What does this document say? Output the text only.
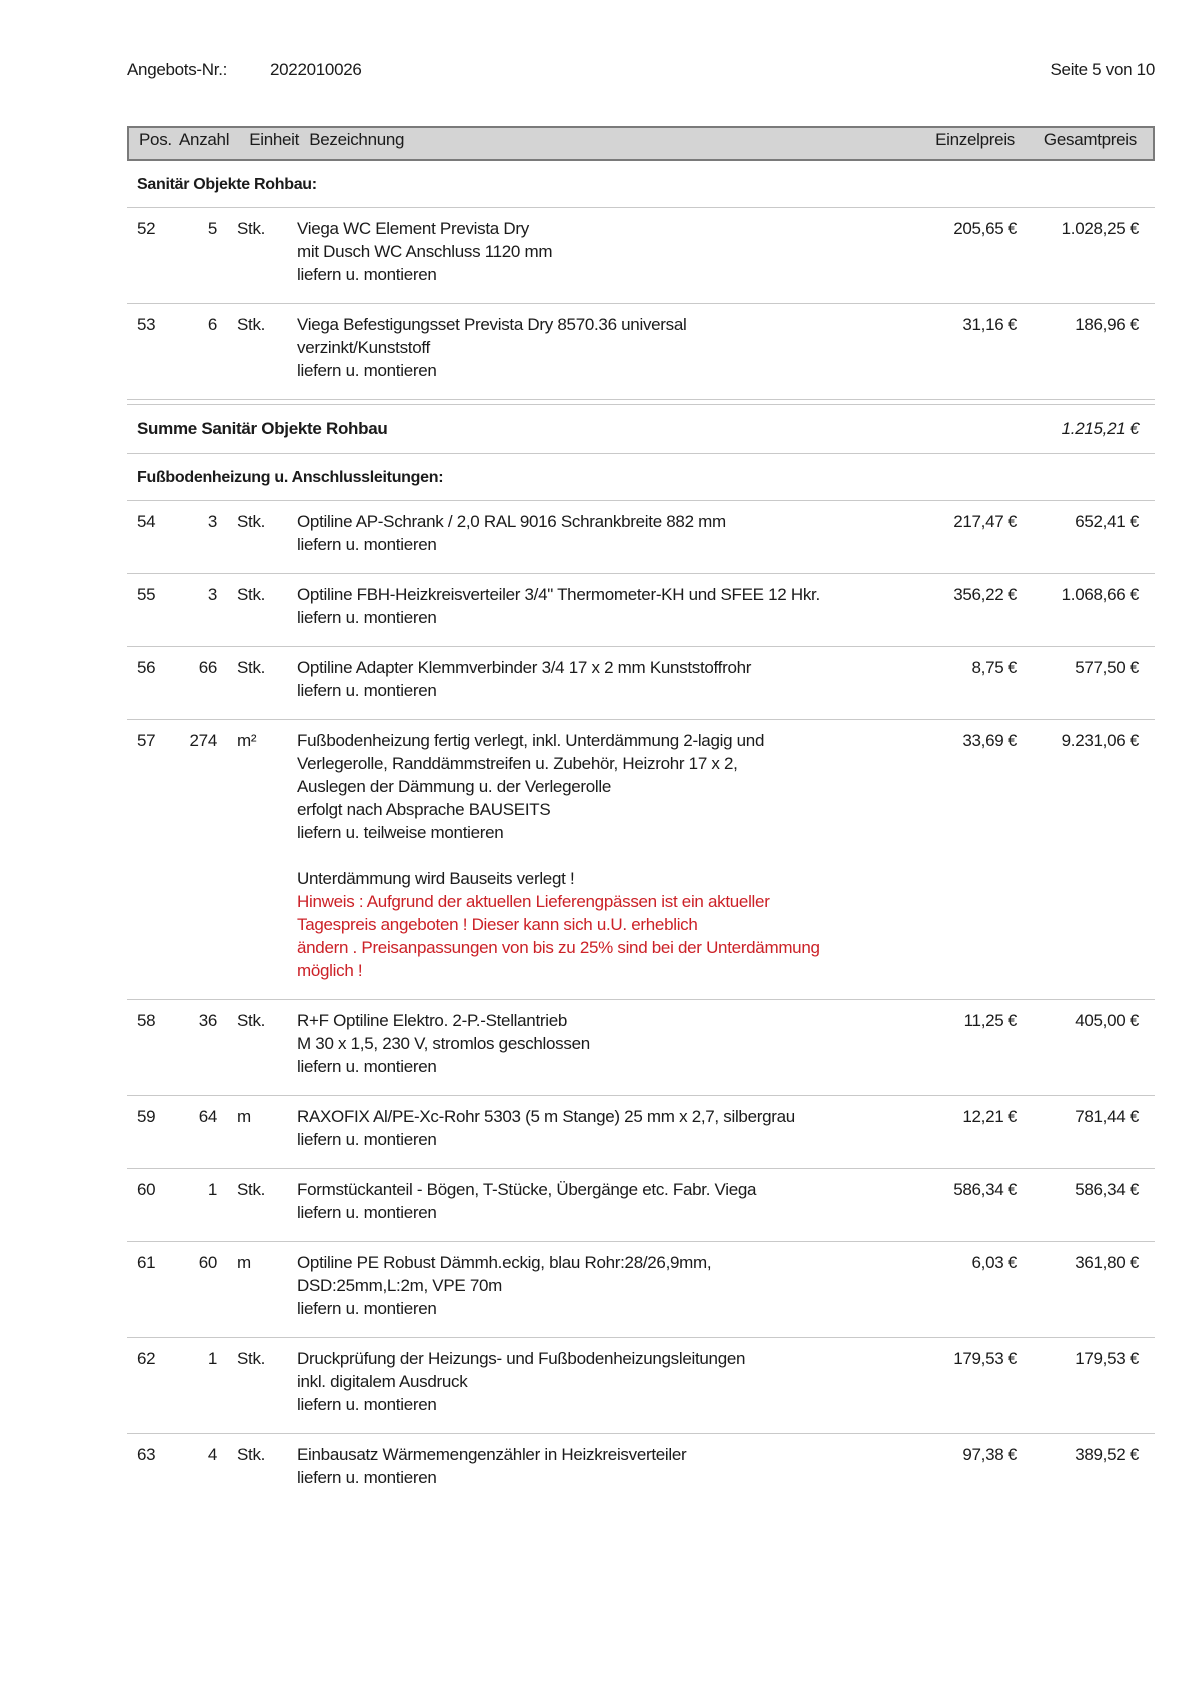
Angebots-Nr.:	2022010026	Seite 5 von 10
Pos. Anzahl Einheit Bezeichnung	Einzelpreis	Gesamtpreis
Sanitär Objekte Rohbau:
52	5 Stk.	Viega WC Element Prevista Dry
mit Dusch WC Anschluss 1120 mm
liefern u. montieren
205,65 €	1.028,25 €
53	6 Stk.	Viega Befestigungsset Prevista Dry 8570.36 universal
verzinkt/Kunststoff
liefern u. montieren
31,16 €	186,96 €
Summe Sanitär Objekte Rohbau	1.215,21 €
Fußbodenheizung u. Anschlussleitungen:
54	3 Stk.	Optiline AP-Schrank / 2,0 RAL 9016 Schrankbreite 882 mm
liefern u. montieren
217,47 €	652,41 €
55	3 Stk.	Optiline FBH-Heizkreisverteiler 3/4" Thermometer-KH und SFEE 12 Hkr.
liefern u. montieren
356,22 €	1.068,66 €
56	66 Stk.	Optiline Adapter Klemmverbinder 3/4 17 x 2 mm Kunststoffrohr
liefern u. montieren
8,75 €	577,50 €
57	274 m²	Fußbodenheizung fertig verlegt, inkl. Unterdämmung 2-lagig und
Verlegerolle, Randdämmstreifen u. Zubehör, Heizrohr 17 x 2,
Auslegen der Dämmung u. der Verlegerolle
erfolgt nach Absprache BAUSEITS
liefern u. teilweise montieren
Unterdämmung wird Bauseits verlegt !
Hinweis : Aufgrund der aktuellen Lieferengpässen ist ein aktueller
Tagespreis angeboten ! Dieser kann sich u.U. erheblich
ändern . Preisanpassungen von bis zu 25% sind bei der Unterdämmung
möglich !
33,69 €	9.231,06 €
58	36 Stk.	R+F Optiline Elektro. 2-P.-Stellantrieb
M 30 x 1,5, 230 V, stromlos geschlossen
liefern u. montieren
11,25 €	405,00 €
59	64 m	RAXOFIX Al/PE-Xc-Rohr 5303 (5 m Stange) 25 mm x 2,7, silbergrau
liefern u. montieren
12,21 €	781,44 €
60	1 Stk.	Formstückanteil - Bögen, T-Stücke, Übergänge etc. Fabr. Viega
liefern u. montieren
586,34 €	586,34 €
61	60 m	Optiline PE Robust Dämmh.eckig, blau Rohr:28/26,9mm,
DSD:25mm,L:2m, VPE 70m
liefern u. montieren
6,03 €	361,80 €
62	1 Stk.	Druckprüfung der Heizungs- und Fußbodenheizungsleitungen
inkl. digitalem Ausdruck
liefern u. montieren
179,53 €	179,53 €
63	4 Stk.	Einbausatz Wärmemengenzähler in Heizkreisverteiler
liefern u. montieren
97,38 €	389,52 €
